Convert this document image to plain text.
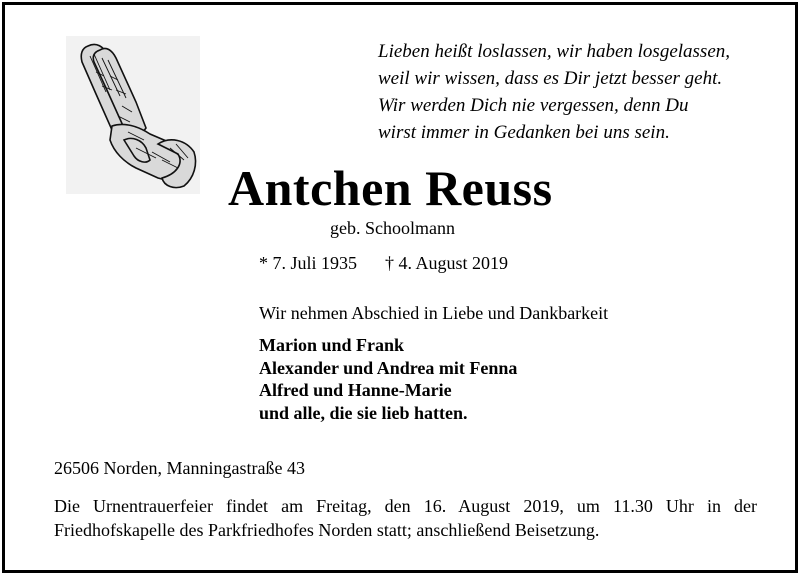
Lieben heißt loslassen, wir haben losgelassen,
weil wir wissen, dass es Dir jetzt besser geht.
Wir werden Dich nie vergessen, denn Du
wirst immer in Gedanken bei uns sein.
Antchen Reuss
geb. Schoolmann
* 7. Juli 1935 † 4. August 2019
Wir nehmen Abschied in Liebe und Dankbarkeit
Marion und Frank
Alexander und Andrea mit Fenna
Alfred und Hanne-Marie
und alle, die sie lieb hatten.
26506 Norden, Manningastraße 43
Die Urnentrauerfeier findet am Freitag, den 16. August 2019, um 11.30 Uhr in der Friedhofskapelle des Parkfriedhofes Norden statt; anschließend Beisetzung.
